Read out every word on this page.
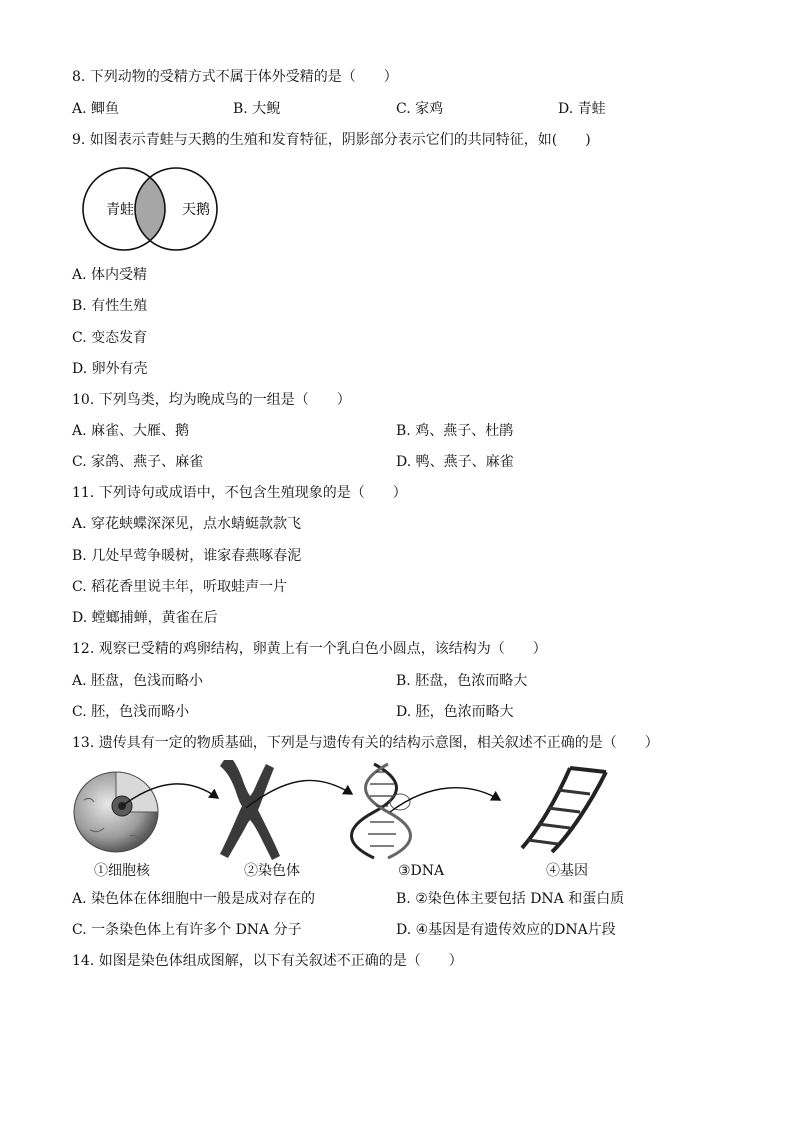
8. 下列动物的受精方式不属于体外受精的是（　　）
A. 鲫鱼	B. 大鲵	C. 家鸡	D. 青蛙
9. 如图表示青蛙与天鹅的生殖和发育特征，阴影部分表示它们的共同特征，如(　　)
青蛙	天鹅
A. 体内受精
B. 有性生殖
C. 变态发育
D. 卵外有壳
10. 下列鸟类，均为晚成鸟的一组是（　　）
A. 麻雀、大雁、鹅	B. 鸡、燕子、杜鹃
C. 家鸽、燕子、麻雀	D. 鸭、燕子、麻雀
11. 下列诗句或成语中，不包含生殖现象的是（　　）
A. 穿花蛱蝶深深见，点水蜻蜓款款飞
B. 几处早莺争暖树，谁家春燕啄春泥
C. 稻花香里说丰年，听取蛙声一片
D. 螳螂捕蝉，黄雀在后
12. 观察已受精的鸡卵结构，卵黄上有一个乳白色小圆点，该结构为（　　）
A. 胚盘，色浅而略小	B. 胚盘，色浓而略大
C. 胚，色浅而略小	D. 胚，色浓而略大
13. 遗传具有一定的物质基础，下列是与遗传有关的结构示意图，相关叙述不正确的是（　　）
①细胞核	②染色体	③DNA	④基因
A. 染色体在体细胞中一般是成对存在的	B. ②染色体主要包括 DNA 和蛋白质
C. 一条染色体上有许多个 DNA 分子	D. ④基因是有遗传效应的DNA片段
14. 如图是染色体组成图解，以下有关叙述不正确的是（　　）
